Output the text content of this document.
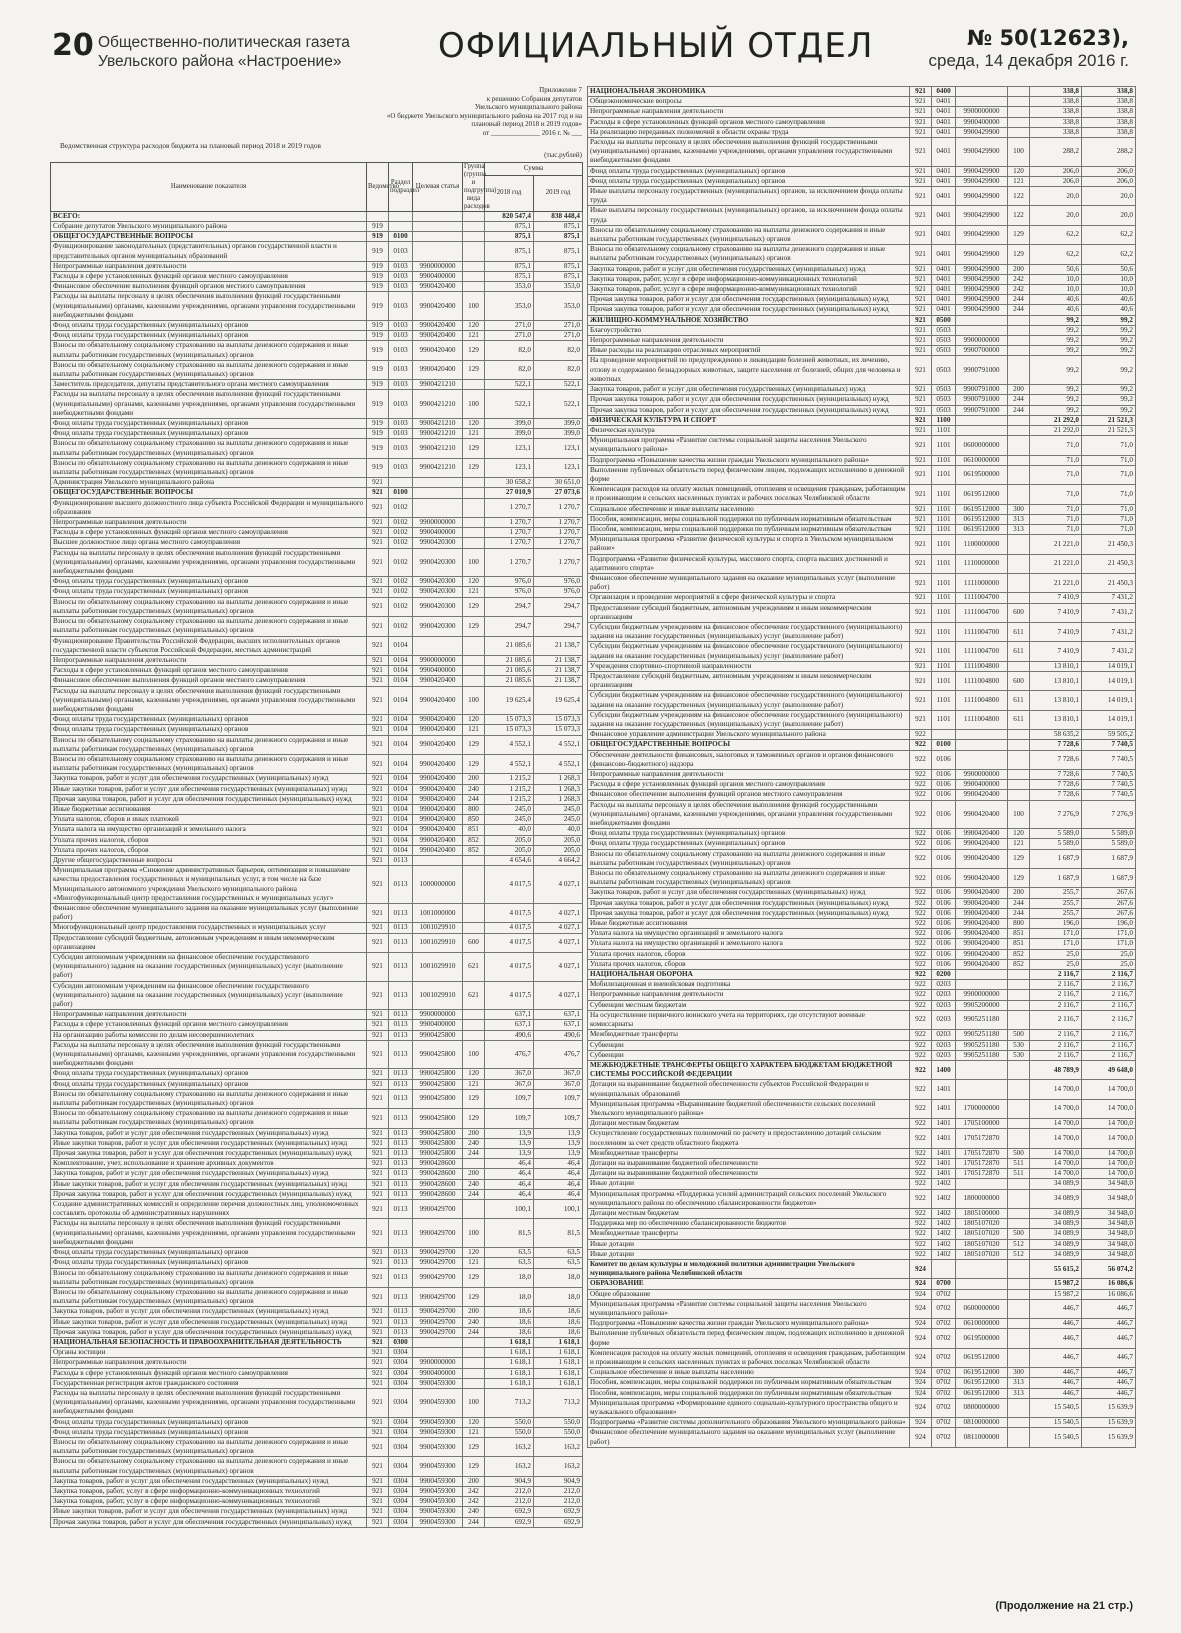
20 Общественно-политическая газета
Увельского района «Настроение»	ОФИЦИАЛЬНЫЙ ОТДЕЛ	№ 50(12623),
среда, 14 декабря 2016 г.
Приложение 7
к решению Собрания депутатов
Увельского муниципального района
«О бюджете Увельского муниципального района на 2017 год и на
плановый период 2018 и 2019 годов»
от ______________ 2016 г. № ___
Ведомственная структура расходов бюджета на плановый период 2018 и 2019 годов
(тыс.рублей)
Наименование показателя	Ведомство	Раздел подраздел	Целевая статья	Группа (группа и подгруппа) вида расходов	Сумма	
					2018 год	2019 год
ВСЕГО:					820 547,4	838 448,4
Собрание депутатов Увельского муниципального района	919				875,1	875,1
ОБЩЕГОСУДАРСТВЕННЫЕ ВОПРОСЫ	919	0100			875,1	875,1
Функционирование законодательных (представительных) органов государственной власти и представительных органов муниципальных образований	919	0103			875,1	875,1
Непрограммные направления деятельности	919	0103	9900000000		875,1	875,1
Расходы в сфере установленных функций органов местного самоуправления	919	0103	9900400000		875,1	875,1
Финансовое обеспечение выполнения функций органов местного самоуправления	919	0103	9900420400		353,0	353,0
Расходы на выплаты персоналу в целях обеспечения выполнения функций государственными (муниципальными) органами, казенными учреждениями, органами управления государственными внебюджетными фондами	919	0103	9900420400	100	353,0	353,0
Фонд оплаты труда государственных (муниципальных) органов	919	0103	9900420400	120	271,0	271,0
Фонд оплаты труда государственных (муниципальных) органов	919	0103	9900420400	121	271,0	271,0
Взносы по обязательному социальному страхованию на выплаты денежного содержания и иные выплаты работникам государственных (муниципальных) органов	919	0103	9900420400	129	82,0	82,0
Взносы по обязательному социальному страхованию на выплаты денежного содержания и иные выплаты работникам государственных (муниципальных) органов	919	0103	9900420400	129	82,0	82,0
Заместитель председателя, депутаты представительного органа местного самоуправления	919	0103	9900421210		522,1	522,1
Расходы на выплаты персоналу в целях обеспечения выполнения функций государственными (муниципальными) органами, казенными учреждениями, органами управления государственными внебюджетными фондами	919	0103	9900421210	100	522,1	522,1
Фонд оплаты труда государственных (муниципальных) органов	919	0103	9900421210	120	399,0	399,0
Фонд оплаты труда государственных (муниципальных) органов	919	0103	9900421210	121	399,0	399,0
Взносы по обязательному социальному страхованию на выплаты денежного содержания и иные выплаты работникам государственных (муниципальных) органов	919	0103	9900421210	129	123,1	123,1
Взносы по обязательному социальному страхованию на выплаты денежного содержания и иные выплаты работникам государственных (муниципальных) органов	919	0103	9900421210	129	123,1	123,1
Администрация Увельского муниципального района	921				30 658,2	30 651,0
ОБЩЕГОСУДАРСТВЕННЫЕ ВОПРОСЫ	921	0100			27 010,9	27 073,6
Функционирование высшего должностного лица субъекта Российской Федерации и муниципального образования	921	0102			1 270,7	1 270,7
Непрограммные направления деятельности	921	0102	9900000000		1 270,7	1 270,7
Расходы в сфере установленных функций органов местного самоуправления	921	0102	9900400000		1 270,7	1 270,7
Высшее должностное лицо органа местного самоуправления	921	0102	9900420300		1 270,7	1 270,7
Расходы на выплаты персоналу в целях обеспечения выполнения функций государственными (муниципальными) органами, казенными учреждениями, органами управления государственными внебюджетными фондами	921	0102	9900420300	100	1 270,7	1 270,7
Фонд оплаты труда государственных (муниципальных) органов	921	0102	9900420300	120	976,0	976,0
Фонд оплаты труда государственных (муниципальных) органов	921	0102	9900420300	121	976,0	976,0
Взносы по обязательному социальному страхованию на выплаты денежного содержания и иные выплаты работникам государственных (муниципальных) органов	921	0102	9900420300	129	294,7	294,7
Взносы по обязательному социальному страхованию на выплаты денежного содержания и иные выплаты работникам государственных (муниципальных) органов	921	0102	9900420300	129	294,7	294,7
Функционирование Правительства Российской Федерации, высших исполнительных органов государственной власти субъектов Российской Федерации, местных администраций	921	0104			21 085,6	21 138,7
Непрограммные направления деятельности	921	0104	9900000000		21 085,6	21 138,7
Расходы в сфере установленных функций органов местного самоуправления	921	0104	9900400000		21 085,6	21 138,7
Финансовое обеспечение выполнения функций органов местного самоуправления	921	0104	9900420400		21 085,6	21 138,7
Расходы на выплаты персоналу в целях обеспечения выполнения функций государственными (муниципальными) органами, казенными учреждениями, органами управления государственными внебюджетными фондами	921	0104	9900420400	100	19 625,4	19 625,4
Фонд оплаты труда государственных (муниципальных) органов	921	0104	9900420400	120	15 073,3	15 073,3
Фонд оплаты труда государственных (муниципальных) органов	921	0104	9900420400	121	15 073,3	15 073,3
Взносы по обязательному социальному страхованию на выплаты денежного содержания и иные выплаты работникам государственных (муниципальных) органов	921	0104	9900420400	129	4 552,1	4 552,1
Взносы по обязательному социальному страхованию на выплаты денежного содержания и иные выплаты работникам государственных (муниципальных) органов	921	0104	9900420400	129	4 552,1	4 552,1
Закупка товаров, работ и услуг для обеспечения государственных (муниципальных) нужд	921	0104	9900420400	200	1 215,2	1 268,3
Иные закупки товаров, работ и услуг для обеспечения государственных (муниципальных) нужд	921	0104	9900420400	240	1 215,2	1 268,3
Прочая закупка товаров, работ и услуг для обеспечения государственных (муниципальных) нужд	921	0104	9900420400	244	1 215,2	1 268,3
Иные бюджетные ассигнования	921	0104	9900420400	800	245,0	245,0
Уплата налогов, сборов и иных платежей	921	0104	9900420400	850	245,0	245,0
Уплата налога на имущество организаций и земельного налога	921	0104	9900420400	851	40,0	40,0
Уплата прочих налогов, сборов	921	0104	9900420400	852	205,0	205,0
Уплата прочих налогов, сборов	921	0104	9900420400	852	205,0	205,0
Другие общегосударственные вопросы	921	0113			4 654,6	4 664,2
Муниципальная программа «Снижение административных барьеров, оптимизация и повышение качества предоставления государственных и муниципальных услуг, в том числе на базе Муниципального автономного учреждения Увельского муниципального района «Многофункциональный центр предоставления государственных и муниципальных услуг»	921	0113	1000000000		4 017,5	4 027,1
Финансовое обеспечение муниципального задания на оказание муниципальных услуг (выполнение работ)	921	0113	1001000000		4 017,5	4 027,1
Многофункциональный центр предоставления государственных и муниципальных услуг	921	0113	1001029910		4 017,5	4 027,1
Предоставление субсидий бюджетным, автономным учреждениям и иным некоммерческим организациям	921	0113	1001029910	600	4 017,5	4 027,1
Субсидии автономным учреждениям на финансовое обеспечение государственного (муниципального) задания на оказание государственных (муниципальных) услуг (выполнение работ)	921	0113	1001029910	621	4 017,5	4 027,1
Субсидии автономным учреждениям на финансовое обеспечение государственного (муниципального) задания на оказание государственных (муниципальных) услуг (выполнение работ)	921	0113	1001029910	621	4 017,5	4 027,1
Непрограммные направления деятельности	921	0113	9900000000		637,1	637,1
Расходы в сфере установленных функций органов местного самоуправления	921	0113	9900400000		637,1	637,1
На организацию работы комиссии по делам несовершеннолетних	921	0113	9900425800		490,6	490,6
Расходы на выплаты персоналу в целях обеспечения выполнения функций государственными (муниципальными) органами, казенными учреждениями, органами управления государственными внебюджетными фондами	921	0113	9900425800	100	476,7	476,7
Фонд оплаты труда государственных (муниципальных) органов	921	0113	9900425800	120	367,0	367,0
Фонд оплаты труда государственных (муниципальных) органов	921	0113	9900425800	121	367,0	367,0
Взносы по обязательному социальному страхованию на выплаты денежного содержания и иные выплаты работникам государственных (муниципальных) органов	921	0113	9900425800	129	109,7	109,7
Взносы по обязательному социальному страхованию на выплаты денежного содержания и иные выплаты работникам государственных (муниципальных) органов	921	0113	9900425800	129	109,7	109,7
Закупка товаров, работ и услуг для обеспечения государственных (муниципальных) нужд	921	0113	9900425800	200	13,9	13,9
Иные закупки товаров, работ и услуг для обеспечения государственных (муниципальных) нужд	921	0113	9900425800	240	13,9	13,9
Прочая закупка товаров, работ и услуг для обеспечения государственных (муниципальных) нужд	921	0113	9900425800	244	13,9	13,9
Комплектование, учет, использование и хранение архивных документов	921	0113	9900428600		46,4	46,4
Закупка товаров, работ и услуг для обеспечения государственных (муниципальных) нужд	921	0113	9900428600	200	46,4	46,4
Иные закупки товаров, работ и услуг для обеспечения государственных (муниципальных) нужд	921	0113	9900428600	240	46,4	46,4
Прочая закупка товаров, работ и услуг для обеспечения государственных (муниципальных) нужд	921	0113	9900428600	244	46,4	46,4
Создание административных комиссий и определение перечня должностных лиц, уполномоченных составлять протоколы об административных нарушениях	921	0113	9900429700		100,1	100,1
Расходы на выплаты персоналу в целях обеспечения выполнения функций государственными (муниципальными) органами, казенными учреждениями, органами управления государственными внебюджетными фондами	921	0113	9900429700	100	81,5	81,5
Фонд оплаты труда государственных (муниципальных) органов	921	0113	9900429700	120	63,5	63,5
Фонд оплаты труда государственных (муниципальных) органов	921	0113	9900429700	121	63,5	63,5
Взносы по обязательному социальному страхованию на выплаты денежного содержания и иные выплаты работникам государственных (муниципальных) органов	921	0113	9900429700	129	18,0	18,0
Взносы по обязательному социальному страхованию на выплаты денежного содержания и иные выплаты работникам государственных (муниципальных) органов	921	0113	9900429700	129	18,0	18,0
Закупка товаров, работ и услуг для обеспечения государственных (муниципальных) нужд	921	0113	9900429700	200	18,6	18,6
Иные закупки товаров, работ и услуг для обеспечения государственных (муниципальных) нужд	921	0113	9900429700	240	18,6	18,6
Прочая закупка товаров, работ и услуг для обеспечения государственных (муниципальных) нужд	921	0113	9900429700	244	18,6	18,6
НАЦИОНАЛЬНАЯ БЕЗОПАСНОСТЬ И ПРАВООХРАНИТЕЛЬНАЯ ДЕЯТЕЛЬНОСТЬ	921	0300			1 618,1	1 618,1
Органы юстиции	921	0304			1 618,1	1 618,1
Непрограммные направления деятельности	921	0304	9900000000		1 618,1	1 618,1
Расходы в сфере установленных функций органов местного самоуправления	921	0304	9900400000		1 618,1	1 618,1
Государственная регистрация актов гражданского состояния	921	0304	9900459300		1 618,1	1 618,1
Расходы на выплаты персоналу в целях обеспечения выполнения функций государственными (муниципальными) органами, казенными учреждениями, органами управления государственными внебюджетными фондами	921	0304	9900459300	100	713,2	713,2
Фонд оплаты труда государственных (муниципальных) органов	921	0304	9900459300	120	550,0	550,0
Фонд оплаты труда государственных (муниципальных) органов	921	0304	9900459300	121	550,0	550,0
Взносы по обязательному социальному страхованию на выплаты денежного содержания и иные выплаты работникам государственных (муниципальных) органов	921	0304	9900459300	129	163,2	163,2
Взносы по обязательному социальному страхованию на выплаты денежного содержания и иные выплаты работникам государственных (муниципальных) органов	921	0304	9900459300	129	163,2	163,2
Закупка товаров, работ и услуг для обеспечения государственных (муниципальных) нужд	921	0304	9900459300	200	904,9	904,9
Закупка товаров, работ, услуг в сфере информационно-коммуникационных технологий	921	0304	9900459300	242	212,0	212,0
Закупка товаров, работ, услуг в сфере информационно-коммуникационных технологий	921	0304	9900459300	242	212,0	212,0
Иные закупки товаров, работ и услуг для обеспечения государственных (муниципальных) нужд	921	0304	9900459300	240	692,9	692,9
Прочая закупка товаров, работ и услуг для обеспечения государственных (муниципальных) нужд	921	0304	9900459300	244	692,9	692,9
НАЦИОНАЛЬНАЯ ЭКОНОМИКА	921	0400			338,8	338,8
Общеэкономические вопросы	921	0401			338,8	338,8
Непрограммные направления деятельности	921	0401	9900000000		338,8	338,8
Расходы в сфере установленных функций органов местного самоуправления	921	0401	9900400000		338,8	338,8
На реализацию переданных полномочий в области охраны труда	921	0401	9900429900		338,8	338,8
Расходы на выплаты персоналу в целях обеспечения выполнения функций государственными (муниципальными) органами, казенными учреждениями, органами управления государственными внебюджетными фондами	921	0401	9900429900	100	288,2	288,2
Фонд оплаты труда государственных (муниципальных) органов	921	0401	9900429900	120	206,0	206,0
Фонд оплаты труда государственных (муниципальных) органов	921	0401	9900429900	121	206,0	206,0
Иные выплаты персоналу государственных (муниципальных) органов, за исключением фонда оплаты труда	921	0401	9900429900	122	20,0	20,0
Иные выплаты персоналу государственных (муниципальных) органов, за исключением фонда оплаты труда	921	0401	9900429900	122	20,0	20,0
Взносы по обязательному социальному страхованию на выплаты денежного содержания и иные выплаты работникам государственных (муниципальных) органов	921	0401	9900429900	129	62,2	62,2
Взносы по обязательному социальному страхованию на выплаты денежного содержания и иные выплаты работникам государственных (муниципальных) органов	921	0401	9900429900	129	62,2	62,2
Закупка товаров, работ и услуг для обеспечения государственных (муниципальных) нужд	921	0401	9900429900	200	50,6	50,6
Закупка товаров, работ, услуг в сфере информационно-коммуникационных технологий	921	0401	9900429900	242	10,0	10,0
Закупка товаров, работ, услуг в сфере информационно-коммуникационных технологий	921	0401	9900429900	242	10,0	10,0
Прочая закупка товаров, работ и услуг для обеспечения государственных (муниципальных) нужд	921	0401	9900429900	244	40,6	40,6
Прочая закупка товаров, работ и услуг для обеспечения государственных (муниципальных) нужд	921	0401	9900429900	244	40,6	40,6
ЖИЛИЩНО-КОММУНАЛЬНОЕ ХОЗЯЙСТВО	921	0500			99,2	99,2
Благоустройство	921	0503			99,2	99,2
Непрограммные направления деятельности	921	0503	9900000000		99,2	99,2
Иные расходы на реализацию отраслевых мероприятий	921	0503	9900700000		99,2	99,2
На проведение мероприятий по предупреждению и ликвидации болезней животных, их лечению, отлову и содержанию безнадзорных животных, защите населения от болезней, общих для человека и животных	921	0503	9900791000		99,2	99,2
Закупка товаров, работ и услуг для обеспечения государственных (муниципальных) нужд	921	0503	9900791000	200	99,2	99,2
Прочая закупка товаров, работ и услуг для обеспечения государственных (муниципальных) нужд	921	0503	9900791000	244	99,2	99,2
Прочая закупка товаров, работ и услуг для обеспечения государственных (муниципальных) нужд	921	0503	9900791000	244	99,2	99,2
ФИЗИЧЕСКАЯ КУЛЬТУРА И СПОРТ	921	1100			21 292,0	21 521,3
Физическая культура	921	1101			21 292,0	21 521,3
Муниципальная программа «Развитие системы социальной защиты населения Увельского муниципального района»	921	1101	0600000000		71,0	71,0
Подпрограмма «Повышение качества жизни граждан Увельского муниципального района»	921	1101	0610000000		71,0	71,0
Выполнение публичных обязательств перед физическим лицом, подлежащих исполнению в денежной форме	921	1101	0619500000		71,0	71,0
Компенсация расходов на оплату жилых помещений, отопления и освещения гражданам, работающим и проживающим в сельских населенных пунктах и рабочих поселках Челябинской области	921	1101	0619512000		71,0	71,0
Социальное обеспечение и иные выплаты населению	921	1101	0619512000	300	71,0	71,0
Пособия, компенсации, меры социальной поддержки по публичным нормативным обязательствам	921	1101	0619512000	313	71,0	71,0
Пособия, компенсации, меры социальной поддержки по публичным нормативным обязательствам	921	1101	0619512000	313	71,0	71,0
Муниципальная программа «Развитие физической культуры и спорта в Увельском муниципальном районе»	921	1101	1100000000		21 221,0	21 450,3
Подпрограмма «Развитие физической культуры, массового спорта, спорта высших достижений и адаптивного спорта»	921	1101	1110000000		21 221,0	21 450,3
Финансовое обеспечение муниципального задания на оказание муниципальных услуг (выполнение работ)	921	1101	1111000000		21 221,0	21 450,3
Организация и проведение мероприятий в сфере физической культуры и спорта	921	1101	1111004700		7 410,9	7 431,2
Предоставление субсидий бюджетным, автономным учреждениям и иным некоммерческим организациям	921	1101	1111004700	600	7 410,9	7 431,2
Субсидии бюджетным учреждениям на финансовое обеспечение государственного (муниципального) задания на оказание государственных (муниципальных) услуг (выполнение работ)	921	1101	1111004700	611	7 410,9	7 431,2
Субсидии бюджетным учреждениям на финансовое обеспечение государственного (муниципального) задания на оказание государственных (муниципальных) услуг (выполнение работ)	921	1101	1111004700	611	7 410,9	7 431,2
Учреждения спортивно-спортивной направленности	921	1101	1111004800		13 810,1	14 019,1
Предоставление субсидий бюджетным, автономным учреждениям и иным некоммерческим организациям	921	1101	1111004800	600	13 810,1	14 019,1
Субсидии бюджетным учреждениям на финансовое обеспечение государственного (муниципального) задания на оказание государственных (муниципальных) услуг (выполнение работ)	921	1101	1111004800	611	13 810,1	14 019,1
Субсидии бюджетным учреждениям на финансовое обеспечение государственного (муниципального) задания на оказание государственных (муниципальных) услуг (выполнение работ)	921	1101	1111004800	611	13 810,1	14 019,1
Финансовое управление администрации Увельского муниципального района	922				58 635,2	59 505,2
ОБЩЕГОСУДАРСТВЕННЫЕ ВОПРОСЫ	922	0100			7 728,6	7 740,5
Обеспечение деятельности финансовых, налоговых и таможенных органов и органов финансового (финансово-бюджетного) надзора	922	0106			7 728,6	7 740,5
Непрограммные направления деятельности	922	0106	9900000000		7 728,6	7 740,5
Расходы в сфере установленных функций органов местного самоуправления	922	0106	9900400000		7 728,6	7 740,5
Финансовое обеспечение выполнения функций органов местного самоуправления	922	0106	9900420400		7 728,6	7 740,5
Расходы на выплаты персоналу в целях обеспечения выполнения функций государственными (муниципальными) органами, казенными учреждениями, органами управления государственными внебюджетными фондами	922	0106	9900420400	100	7 276,9	7 276,9
Фонд оплаты труда государственных (муниципальных) органов	922	0106	9900420400	120	5 589,0	5 589,0
Фонд оплаты труда государственных (муниципальных) органов	922	0106	9900420400	121	5 589,0	5 589,0
Взносы по обязательному социальному страхованию на выплаты денежного содержания и иные выплаты работникам государственных (муниципальных) органов	922	0106	9900420400	129	1 687,9	1 687,9
Взносы по обязательному социальному страхованию на выплаты денежного содержания и иные выплаты работникам государственных (муниципальных) органов	922	0106	9900420400	129	1 687,9	1 687,9
Закупка товаров, работ и услуг для обеспечения государственных (муниципальных) нужд	922	0106	9900420400	200	255,7	267,6
Прочая закупка товаров, работ и услуг для обеспечения государственных (муниципальных) нужд	922	0106	9900420400	244	255,7	267,6
Прочая закупка товаров, работ и услуг для обеспечения государственных (муниципальных) нужд	922	0106	9900420400	244	255,7	267,6
Иные бюджетные ассигнования	922	0106	9900420400	800	196,0	196,0
Уплата налога на имущество организаций и земельного налога	922	0106	9900420400	851	171,0	171,0
Уплата налога на имущество организаций и земельного налога	922	0106	9900420400	851	171,0	171,0
Уплата прочих налогов, сборов	922	0106	9900420400	852	25,0	25,0
Уплата прочих налогов, сборов	922	0106	9900420400	852	25,0	25,0
НАЦИОНАЛЬНАЯ ОБОРОНА	922	0200			2 116,7	2 116,7
Мобилизационная и вневойсковая подготовка	922	0203			2 116,7	2 116,7
Непрограммные направления деятельности	922	0203	9900000000		2 116,7	2 116,7
Субвенции местным бюджетам	922	0203	9905200000		2 116,7	2 116,7
На осуществление первичного воинского учета на территориях, где отсутствуют военные комиссариаты	922	0203	9905251180		2 116,7	2 116,7
Межбюджетные трансферты	922	0203	9905251180	500	2 116,7	2 116,7
Субвенции	922	0203	9905251180	530	2 116,7	2 116,7
Субвенции	922	0203	9905251180	530	2 116,7	2 116,7
МЕЖБЮДЖЕТНЫЕ ТРАНСФЕРТЫ ОБЩЕГО ХАРАКТЕРА БЮДЖЕТАМ БЮДЖЕТНОЙ СИСТЕМЫ РОССИЙСКОЙ ФЕДЕРАЦИИ	922	1400			48 789,9	49 648,0
Дотации на выравнивание бюджетной обеспеченности субъектов Российской Федерации и муниципальных образований	922	1401			14 700,0	14 700,0
Муниципальная программа «Выравнивание бюджетной обеспеченности сельских поселений Увельского муниципального района»	922	1401	1700000000		14 700,0	14 700,0
Дотации местным бюджетам	922	1401	1705100000		14 700,0	14 700,0
Осуществление государственных полномочий по расчету и предоставлению дотаций сельским поселениям за счет средств областного бюджета	922	1401	1705172870		14 700,0	14 700,0
Межбюджетные трансферты	922	1401	1705172870	500	14 700,0	14 700,0
Дотации на выравнивание бюджетной обеспеченности	922	1401	1705172870	511	14 700,0	14 700,0
Дотации на выравнивание бюджетной обеспеченности	922	1401	1705172870	511	14 700,0	14 700,0
Иные дотации	922	1402			34 089,9	34 948,0
Муниципальная программа «Поддержка усилий администраций сельских поселений Увельского муниципального района по обеспечению сбалансированности бюджетов»	922	1402	1800000000		34 089,9	34 948,0
Дотации местным бюджетам	922	1402	1805100000		34 089,9	34 948,0
Поддержка мер по обеспечению сбалансированности бюджетов	922	1402	1805107020		34 089,9	34 948,0
Межбюджетные трансферты	922	1402	1805107020	500	34 089,9	34 948,0
Иные дотации	922	1402	1805107020	512	34 089,9	34 948,0
Иные дотации	922	1402	1805107020	512	34 089,9	34 948,0
Комитет по делам культуры и молодежной политики администрации Увельского муниципального района Челябинской области	924				55 615,2	56 074,2
ОБРАЗОВАНИЕ	924	0700			15 987,2	16 086,6
Общее образование	924	0702			15 987,2	16 086,6
Муниципальная программа «Развитие системы социальной защиты населения Увельского муниципального района»	924	0702	0600000000		446,7	446,7
Подпрограмма «Повышение качества жизни граждан Увельского муниципального района»	924	0702	0610000000		446,7	446,7
Выполнение публичных обязательств перед физическим лицом, подлежащих исполнению в денежной форме	924	0702	0619500000		446,7	446,7
Компенсация расходов на оплату жилых помещений, отопления и освещения гражданам, работающим и проживающим в сельских населенных пунктах и рабочих поселках Челябинской области	924	0702	0619512000		446,7	446,7
Социальное обеспечение и иные выплаты населению	924	0702	0619512000	300	446,7	446,7
Пособия, компенсации, меры социальной поддержки по публичным нормативным обязательствам	924	0702	0619512000	313	446,7	446,7
Пособия, компенсации, меры социальной поддержки по публичным нормативным обязательствам	924	0702	0619512000	313	446,7	446,7
Муниципальная программа «Формирование единого социально-культурного пространства общего и музыкального образования»	924	0702	0800000000		15 540,5	15 639,9
Подпрограмма «Развитие системы дополнительного образования Увельского муниципального района»	924	0702	0810000000		15 540,5	15 639,9
Финансовое обеспечение муниципального задания на оказание муниципальных услуг (выполнение работ)	924	0702	0811000000		15 540,5	15 639,9
(Продолжение на 21 стр.)
